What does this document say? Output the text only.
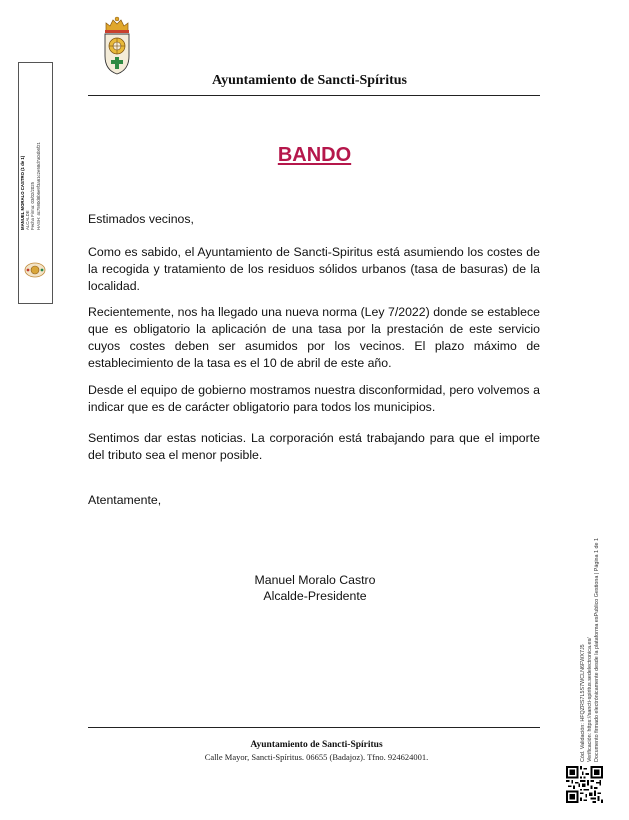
MANUEL MORALO CASTRO (1 de 1) ALCALDE Fecha Firma: 03/02/2025 HASH: 4c7590d8b6e9f3a61c2e58d7a04b6f21
Ayuntamiento de Sancti-Spíritus
BANDO
Estimados vecinos,
Como es sabido, el Ayuntamiento de Sancti-Spiritus está asumiendo los costes de la recogida y tratamiento de los residuos sólidos urbanos (tasa de basuras) de la localidad.
Recientemente, nos ha llegado una nueva norma (Ley 7/2022) donde se establece que es obligatorio la aplicación de una tasa por la prestación de este servicio cuyos costes deben ser asumidos por los vecinos. El plazo máximo de establecimiento de la tasa es el 10 de abril de este año.
Desde el equipo de gobierno mostramos nuestra disconformidad, pero volvemos a indicar que es de carácter obligatorio para todos los municipios.
Sentimos dar estas noticias. La corporación está trabajando para que el importe del tributo sea el menor posible.
Atentamente,
Manuel Moralo Castro
Alcalde-Presidente
Ayuntamiento de Sancti-Spíritus
Calle Mayor, Sancti-Spíritus. 06655 (Badajoz). Tfno. 924624001.	Cód. Validación: HFQZRS7L5S7WCLN6FWX7J5 Verificación: https://sancti-spiritus.sedelectronica.es/ Documento firmado electrónicamente desde la plataforma esPublico Gestiona | Página 1 de 1
